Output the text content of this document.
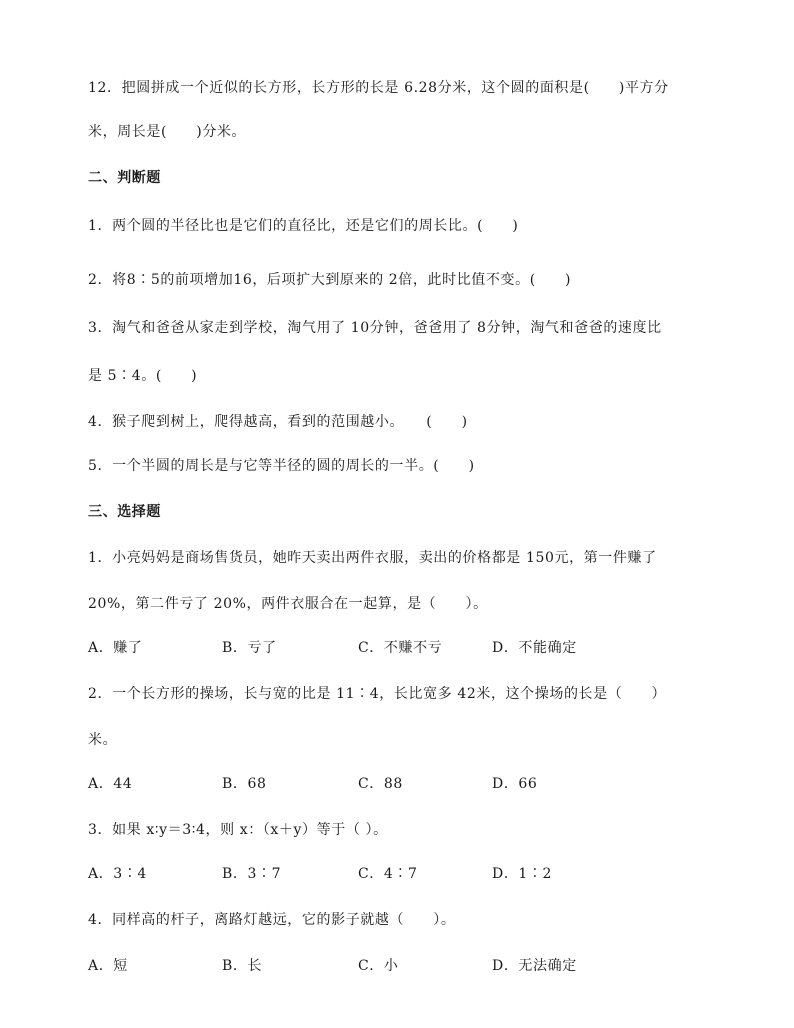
12．把圆拼成一个近似的长方形，长方形的长是 6.28分米，这个圆的面积是(　　)平方分
米，周长是(　　)分米。
二、判断题
1．两个圆的半径比也是它们的直径比，还是它们的周长比。(　　)
2．将8∶5的前项增加16，后项扩大到原来的 2倍，此时比值不变。(　　)
3．淘气和爸爸从家走到学校，淘气用了 10分钟，爸爸用了 8分钟，淘气和爸爸的速度比
是 5∶4。(　　)
4．猴子爬到树上，爬得越高，看到的范围越小。　　(　　)
5．一个半圆的周长是与它等半径的圆的周长的一半。(　　)
三、选择题
1．小亮妈妈是商场售货员，她昨天卖出两件衣服，卖出的价格都是 150元，第一件赚了
20%，第二件亏了 20%，两件衣服合在一起算，是（　　）。
A．赚了	B．亏了	C．不赚不亏	D．不能确定
2．一个长方形的操场，长与宽的比是 11∶4，长比宽多 42米，这个操场的长是（　　）
米。
A．44	B．68	C．88	D．66
3．如果 x∶y＝3∶4，则 x：（x＋y）等于（ ）。
A．3∶4	B．3∶7	C．4∶7	D．1∶2
4．同样高的杆子，离路灯越远，它的影子就越（　　）。
A．短	B．长	C．小	D．无法确定
